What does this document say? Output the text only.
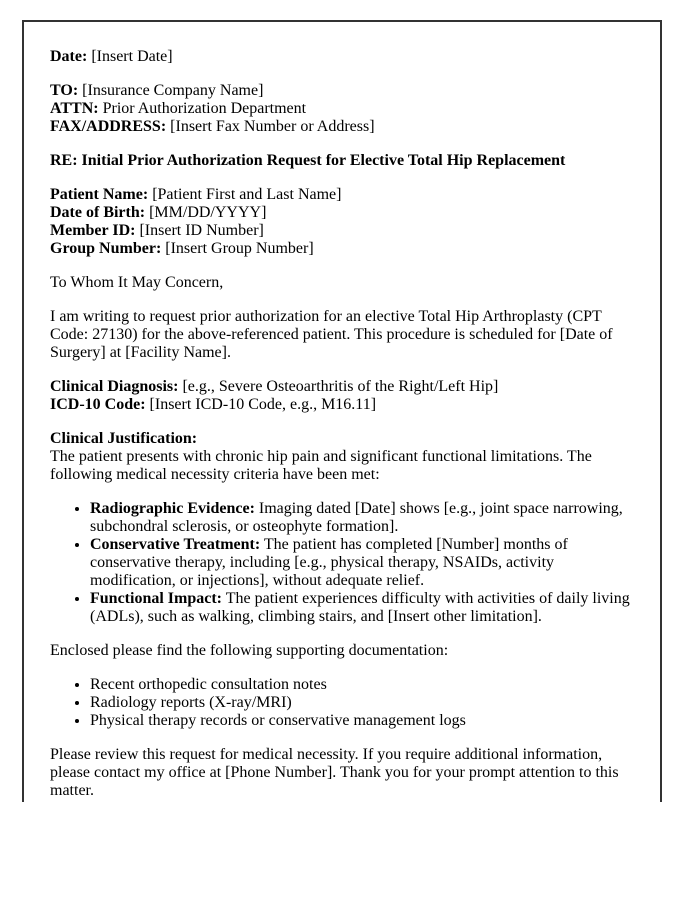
Date: [Insert Date]

TO: [Insurance Company Name]
ATTN: Prior Authorization Department
FAX/ADDRESS: [Insert Fax Number or Address]

RE: Initial Prior Authorization Request for Elective Total Hip Replacement

Patient Name: [Patient First and Last Name]
Date of Birth: [MM/DD/YYYY]
Member ID: [Insert ID Number]
Group Number: [Insert Group Number]

To Whom It May Concern,

I am writing to request prior authorization for an elective Total Hip Arthroplasty (CPT Code: 27130) for the above-referenced patient. This procedure is scheduled for [Date of Surgery] at [Facility Name].

Clinical Diagnosis: [e.g., Severe Osteoarthritis of the Right/Left Hip]
ICD-10 Code: [Insert ICD-10 Code, e.g., M16.11]

Clinical Justification:
The patient presents with chronic hip pain and significant functional limitations. The following medical necessity criteria have been met:

• Radiographic Evidence: Imaging dated [Date] shows [e.g., joint space narrowing, subchondral sclerosis, or osteophyte formation].
• Conservative Treatment: The patient has completed [Number] months of conservative therapy, including [e.g., physical therapy, NSAIDs, activity modification, or injections], without adequate relief.
• Functional Impact: The patient experiences difficulty with activities of daily living (ADLs), such as walking, climbing stairs, and [Insert other limitation].

Enclosed please find the following supporting documentation:

• Recent orthopedic consultation notes
• Radiology reports (X-ray/MRI)
• Physical therapy records or conservative management logs

Please review this request for medical necessity. If you require additional information, please contact my office at [Phone Number]. Thank you for your prompt attention to this matter.
